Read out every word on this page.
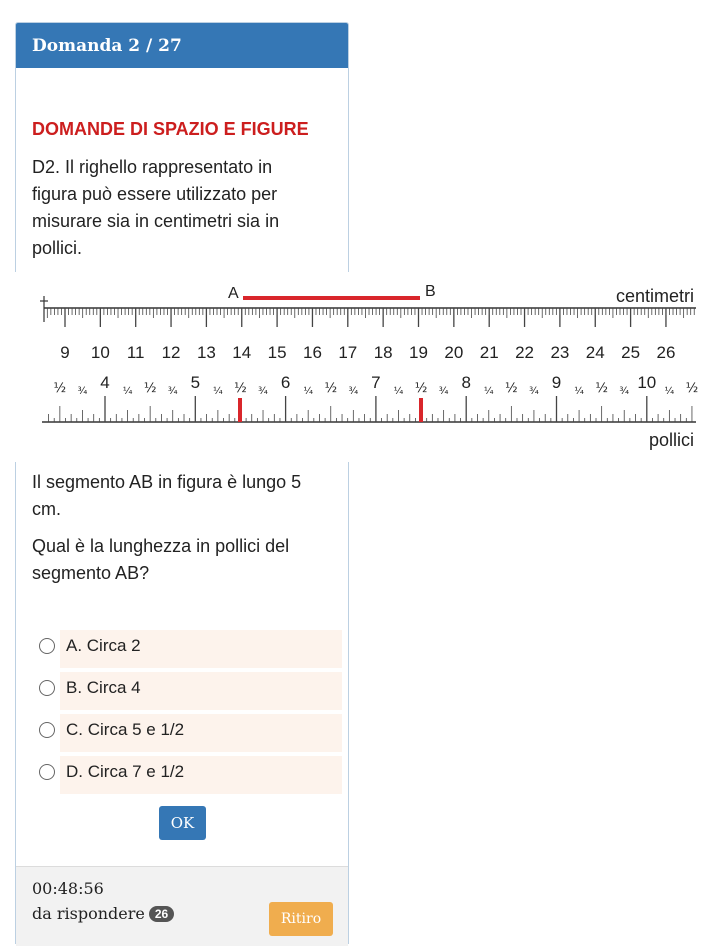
Domanda 2 / 27
DOMANDE DI SPAZIO E FIGURE
D2. Il righello rappresentato in figura può essere utilizzato per misurare sia in centimetri sia in pollici.
9 10 11 12 13 14 15 16 17 18 19 20 21 22 23 24 25 26
4	5	6	7	8	9	10
½ ¾	¼ ½ ¾	¼ ½ ¾	¼ ½ ¾	¼ ½ ¾	¼ ½ ¾	¼ ½ ¾	¼ ½
A	B	centimetri
pollici
Il segmento AB in figura è lungo 5 cm.
Qual è la lunghezza in pollici del segmento AB?
A. Circa 2
B. Circa 4
C. Circa 5 e 1/2
D. Circa 7 e 1/2
OK
00:48:56
da rispondere 26	Ritiro
